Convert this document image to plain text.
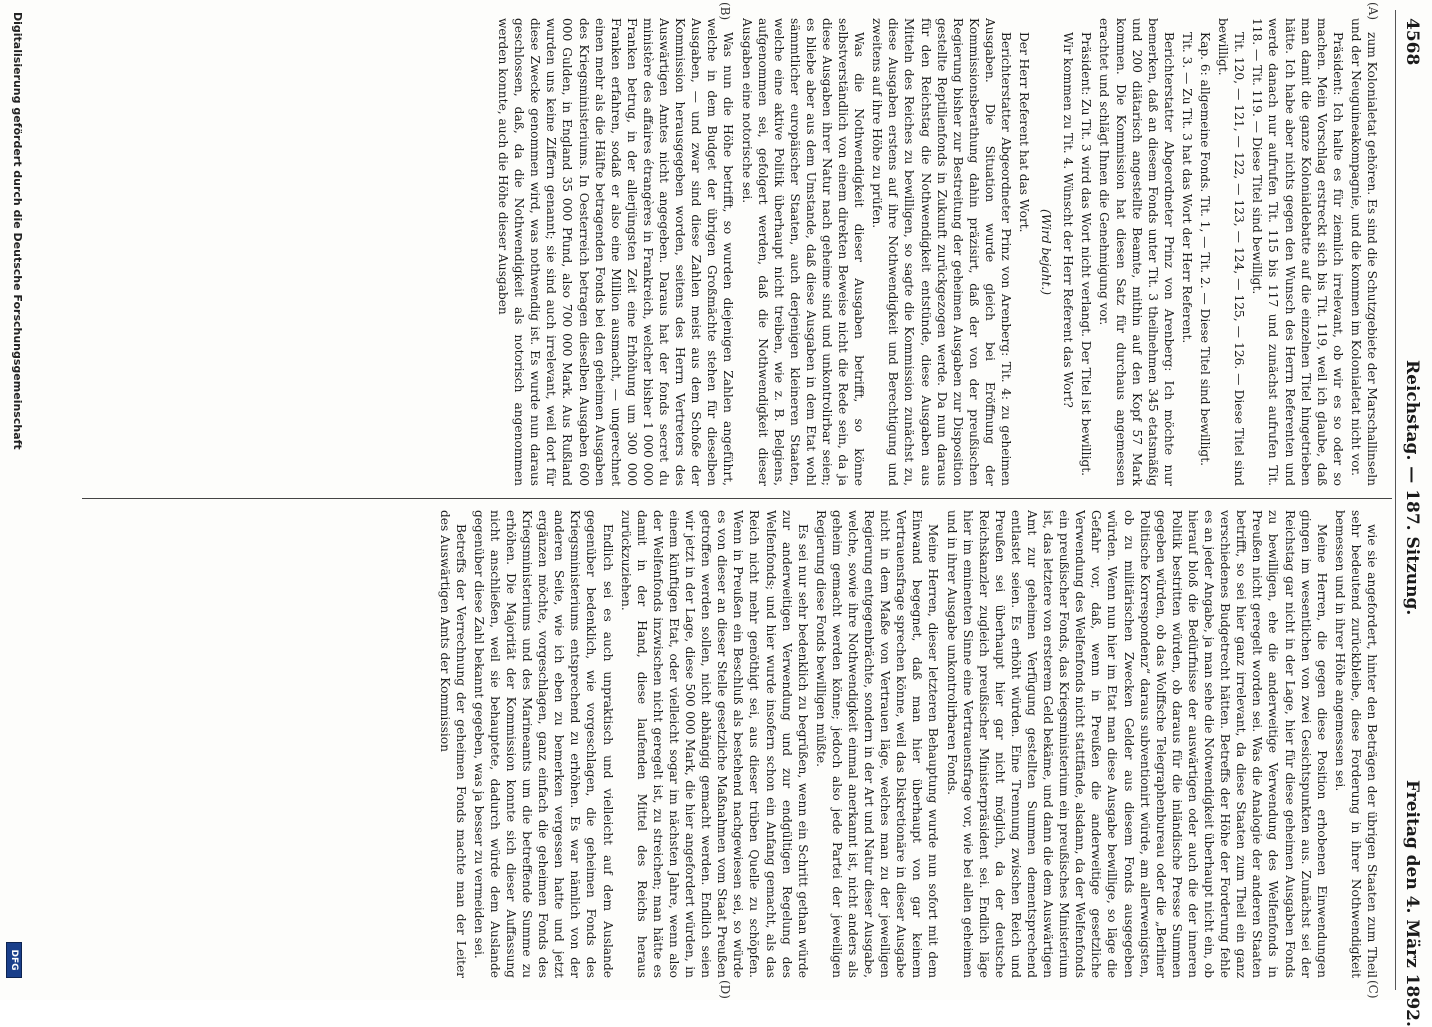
4568
Reichstag. — 187. Sitzung.
Freitag den 4. März 1892.
(A)
(B)
(C)
(D)

zum Kolonialetat gehören. Es sind die Schutzgebiete der Marschallinseln und der Neuguineakompagnie, und die kommen im Kolonialetat nicht vor.

Präsident: Ich halte es für ziemlich irrelevant, ob wir es so oder so machen. Mein Vorschlag erstreckt sich bis Tit. 119, weil ich glaube, daß man damit die ganze Kolonialdebatte auf die einzelnen Titel hingetrieben hätte. Ich habe aber nichts gegen den Wunsch des Herrn Referenten und werde danach nur aufrufen Tit. 115 bis 117 und zunächst aufrufen Tit. 118. — Tit. 119. — Diese Titel sind bewilligt.

Tit. 120, — 121, — 122, — 123, — 124, — 125, — 126. — Diese Titel sind bewilligt.

Kap. 6: allgemeine Fonds. Tit. 1, — Tit. 2. — Diese Titel sind bewilligt.

Tit. 3. — Zu Tit. 3 hat das Wort der Herr Referent.

Berichterstatter Abgeordneter Prinz von Arenberg: Ich möchte nur bemerken, daß an diesem Fonds unter Tit. 3 theilnehmen 345 etatsmäßig und 200 diätarisch angestellte Beamte, mithin auf den Kopf 57 Mark kommen. Die Kommission hat diesen Satz für durchaus angemessen erachtet und schlägt Ihnen die Genehmigung vor.

Präsident: Zu Tit. 3 wird das Wort nicht verlangt. Der Titel ist bewilligt.

Wir kommen zu Tit. 4. Wünscht der Herr Referent das Wort?

(Wird bejaht.)

Der Herr Referent hat das Wort.

Berichterstatter Abgeordneter Prinz von Arenberg: Tit. 4: zu geheimen Ausgaben. Die Situation wurde gleich bei Eröffnung der Kommissionsberathung dahin präzisirt, daß der von der preußischen Regierung bisher zur Bestreitung der geheimen Ausgaben zur Disposition gestellte Reptilienfonds in Zukunft zurückgezogen werde. Da nun daraus für den Reichstag die Nothwendigkeit entstünde, diese Ausgaben aus Mitteln des Reiches zu bewilligen, so sagte die Kommission zunächst zu, diese Ausgaben erstens auf ihre Nothwendigkeit und Berechtigung und zweitens auf ihre Höhe zu prüfen.

Was die Nothwendigkeit dieser Ausgaben betrifft, so könne selbstverständlich von einem direkten Beweise nicht die Rede sein, da ja diese Ausgaben ihrer Natur nach geheime sind und unkontrolirbar seien; es bliebe aber aus dem Umstande, daß diese Ausgaben in dem Etat wohl sämmtlicher europäischer Staaten, auch derjenigen kleineren Staaten, welche eine aktive Politik überhaupt nicht treiben, wie z. B. Belgiens, aufgenommen sei, gefolgert werden, daß die Nothwendigkeit dieser Ausgaben eine notorische sei.

Was nun die Höhe betrifft, so wurden diejenigen Zahlen angeführt, welche in dem Budget der übrigen Großmächte stehen für dieselben Ausgaben, — und zwar sind diese Zahlen meist aus dem Schoße der Kommission herausgegeben worden, seitens des Herrn Vertreters des Auswärtigen Amtes nicht angegeben. Daraus hat der fonds secret du ministère des affaires étrangères in Frankreich, welcher bisher 1 000 000 Franken betrug, in der allerjüngsten Zeit eine Erhöhung um 300 000 Franken erfahren, sodaß er also eine Million ausmacht, — ungerechnet einen mehr als die Hälfte betragenden Fonds bei den geheimen Ausgaben des Kriegsministeriums. In Oesterreich betragen dieselben Ausgaben 600 000 Gulden, in England 35 000 Pfund, also 700 000 Mark. Aus Rußland wurden uns keine Ziffern genannt; sie sind auch irrelevant, weil dort für diese Zwecke genommen wird, was nothwendig ist. Es wurde nun daraus geschlossen, daß, da die Nothwendigkeit als notorisch angenommen werden konnte, auch die Höhe dieser Ausgaben

wie sie angefordert, hinter den Beträgen der übrigen Staaten zum Theil sehr bedeutend zurückbleibe, diese Forderung in ihrer Nothwendigkeit bemessen und in ihrer Höhe angemessen sei.

Meine Herren, die gegen diese Position erhobenen Einwendungen gingen im wesentlichen von zwei Gesichtspunkten aus. Zunächst sei der Reichstag gar nicht in der Lage, hier für diese geheimen Ausgaben Fonds zu bewilligen, ehe die anderweitige Verwendung des Welfenfonds in Preußen nicht geregelt worden sei. Was die Analogie der anderen Staaten betrifft, so sei hier ganz irrelevant, da diese Staaten zum Theil ein ganz verschiedenes Budgetrecht hätten. Betreffs der Höhe der Forderung fehle es an jeder Angabe, ja man sehe die Notwendigkeit überhaupt nicht ein, ob hierauf bloß die Bedürfnisse der auswärtigen oder auch die der inneren Politik bestritten würden, ob daraus für die inländische Presse Summen gegeben würden, ob das Wolffsche Telegraphenbureau oder die „Berliner Politische Korrespondenz“ daraus subventionirt würde, am allerwenigsten, ob zu militärischen Zwecken Gelder aus diesem Fonds ausgegeben würden. Wenn nun hier im Etat man diese Ausgabe bewillige, so läge die Gefahr vor, daß, wenn in Preußen die anderweitige gesetzliche Verwendung des Welfenfonds nicht stattfände, alsdann, da der Welfenfonds ein preußischer Fonds, das Kriegsministerium ein preußisches Ministerium ist, das letztere von ersterem Geld bekäme, und dann die dem Auswärtigen Amt zur geheimen Verfügung gestellten Summen dementsprechend entlastet seien. Es erhöht würden. Eine Trennung zwischen Reich und Preußen sei überhaupt hier gar nicht möglich, da der deutsche Reichskanzler zugleich preußischer Ministerpräsident sei. Endlich läge hier im eminenten Sinne eine Vertrauensfrage vor, wie bei allen geheimen und in ihrer Ausgabe unkontrolirbaren Fonds.

Meine Herren, dieser letzteren Behauptung wurde nun sofort mit dem Einwand begegnet, daß man hier überhaupt von gar keinem Vertrauensfrage sprechen könne, weil das Diskretionäre in dieser Ausgabe nicht in dem Maße von Vertrauen läge, welches man zu der jeweiligen Regierung entgegenbrächte, sondern in der Art und Natur dieser Ausgabe, welche, sowie ihre Nothwendigkeit einmal anerkannt ist, nicht anders als geheim gemacht werden könne; jedoch also jede Partei der jeweiligen Regierung diese Fonds bewilligen müßte.

Es sei nur sehr bedenklich zu begrüßen, wenn ein Schritt gethan würde zur anderweitigen Verwendung und zur endgültigen Regelung des Welfenfonds; und hier wurde insofern schon ein Anfang gemacht, als das Reich nicht mehr genöthigt sei, aus dieser trüben Quelle zu schöpfen. Wenn in Preußen ein Beschluß als bestehend nachgewiesen sei, so würde es von dieser an dieser Stelle gesetzliche Maßnahmen vom Staat Preußen getroffen werden sollen, nicht abhängig gemacht werden. Endlich seien wir jetzt in der Lage, diese 500 000 Mark, die hier angefordert würden, in einem künftigen Etat, oder vielleicht sogar im nächsten Jahre, wenn also der Welfenfonds inzwischen nicht geregelt ist, zu streichen; man hätte es damit in der Hand, diese laufenden Mittel des Reichs heraus zurückzuziehen.

Endlich sei es auch unpraktisch und vielleicht auf dem Auslande gegenüber bedenklich, wie vorgeschlagen, die geheimen Fonds des Kriegsministeriums entsprechend zu erhöhen. Es war nämlich von der anderen Seite, wie ich eben zu bemerken vergessen hatte und jetzt ergänzen möchte, vorgeschlagen, ganz einfach die geheimen Fonds des Kriegsministeriums und des Marineamts um die betreffende Summe zu erhöhen. Die Majorität der Kommission konnte sich dieser Auffassung nicht anschließen, weil sie behauptete, dadurch würde dem Auslande gegenüber diese Zahl bekannt gegeben, was ja besser zu vermeiden sei.

Betreffs der Verrechnung der geheimen Fonds machte man der Leiter des Auswärtigen Amts der Kommission

Digitalisierung gefördert durch die Deutsche Forschungsgemeinschaft
DFG
